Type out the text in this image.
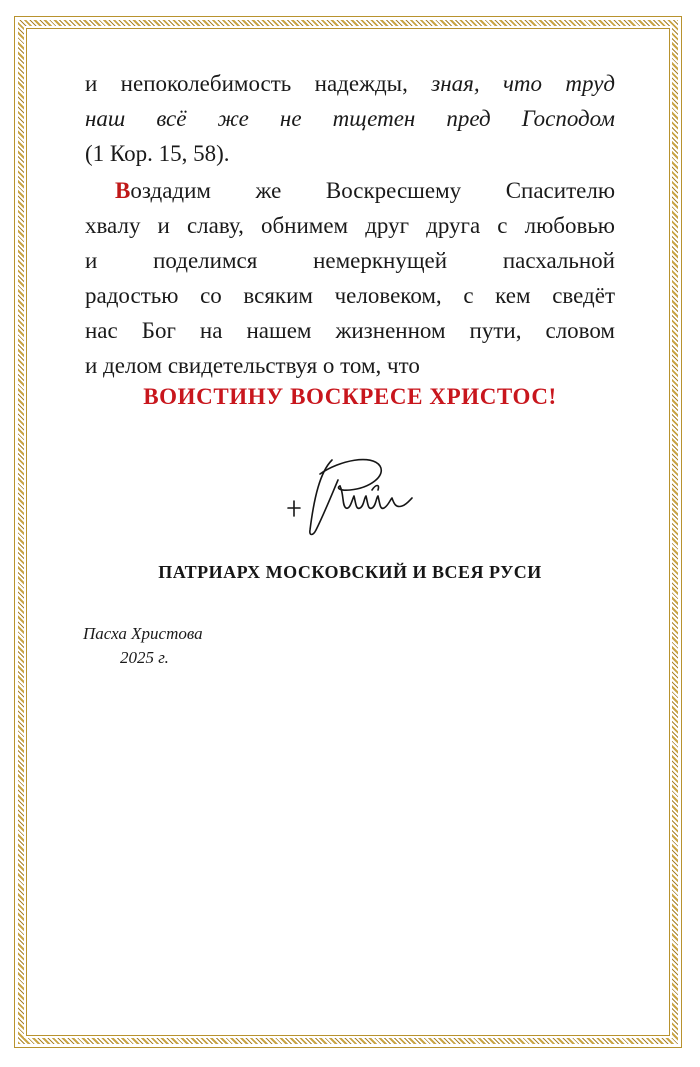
и непоколебимость надежды, зная, что труд
наш всё же не тщетен пред Господом
(1 Кор. 15, 58).

Воздадим же Воскресшему Спасителю
хвалу и славу, обнимем друг друга с любовью
и поделимся немеркнущей пасхальной
радостью со всяким человеком, с кем сведёт
нас Бог на нашем жизненном пути, словом
и делом свидетельствуя о том, что

ВОИСТИНУ ВОСКРЕСЕ ХРИСТОС!
ПАТРИАРХ МОСКОВСКИЙ И ВСЕЯ РУСИ
Пасха Христова
2025 г.
